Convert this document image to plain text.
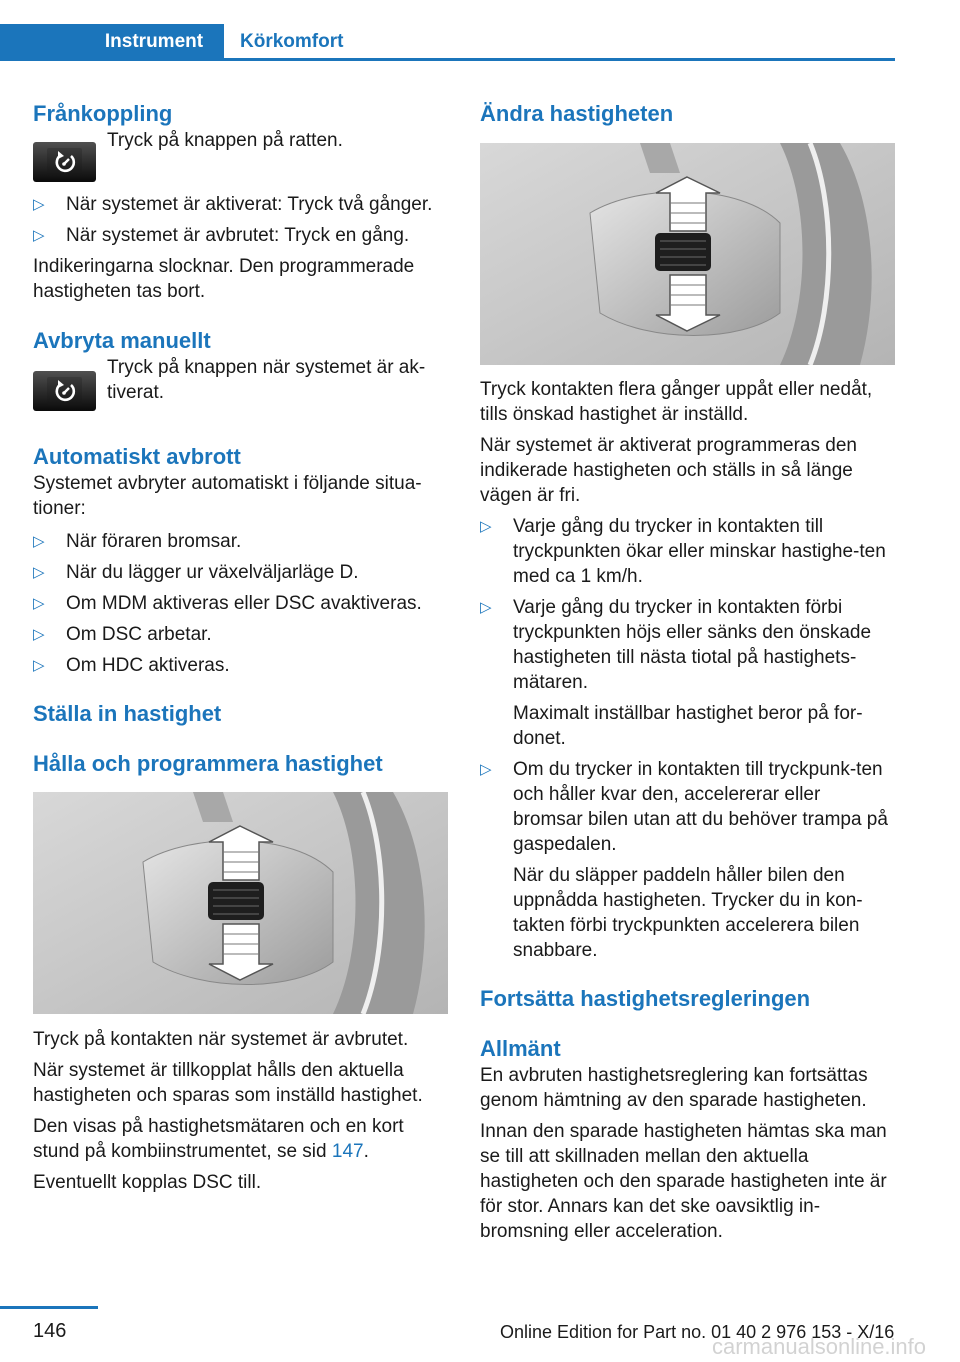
Instrument	Körkomfort
Frånkoppling

Tryck på knappen på ratten.

▷ När systemet är aktiverat: Tryck två gånger.
▷ När systemet är avbrutet: Tryck en gång.

Indikeringarna slocknar. Den programmerade hastigheten tas bort.

Avbryta manuellt

Tryck på knappen när systemet är ak-tiverat.

Automatiskt avbrott

Systemet avbryter automatiskt i följande situa-tioner:

▷ När föraren bromsar.
▷ När du lägger ur växelväljarläge D.
▷ Om MDM aktiveras eller DSC avaktiveras.
▷ Om DSC arbetar.
▷ Om HDC aktiveras.
Ställa in hastighet
Hålla och programmera hastighet

Tryck på kontakten när systemet är avbrutet.

När systemet är tillkopplat hålls den aktuella hastigheten och sparas som inställd hastighet.

Den visas på hastighetsmätaren och en kort stund på kombiinstrumentet, se sid 147.

Eventuellt kopplas DSC till.

Ändra hastigheten

Tryck kontakten flera gånger uppåt eller nedåt, tills önskad hastighet är inställd.

När systemet är aktiverat programmeras den indikerade hastigheten och ställs in så länge vägen är fri.

▷ Varje gång du trycker in kontakten till tryckpunkten ökar eller minskar hastighe-ten med ca 1 km/h.
▷ Varje gång du trycker in kontakten förbi tryckpunkten höjs eller sänks den önskade hastigheten till nästa tiotal på hastighets-mätaren.

Maximalt inställbar hastighet beror på for-donet.

▷ Om du trycker in kontakten till tryckpunk-ten och håller kvar den, accelererar eller bromsar bilen utan att du behöver trampa på gaspedalen.

När du släpper paddeln håller bilen den uppnådda hastigheten. Trycker du in kon-takten förbi tryckpunkten accelerera bilen snabbare.

Fortsätta hastighetsregleringen
Allmänt

En avbruten hastighetsreglering kan fortsättas genom hämtning av den sparade hastigheten.

Innan den sparade hastigheten hämtas ska man se till att skillnaden mellan den aktuella hastigheten och den sparade hastigheten inte är för stor. Annars kan det ske oavsiktlig in-bromsning eller acceleration.

146	Online Edition for Part no. 01 40 2 976 153 - X/16
carmanualsonline.info
